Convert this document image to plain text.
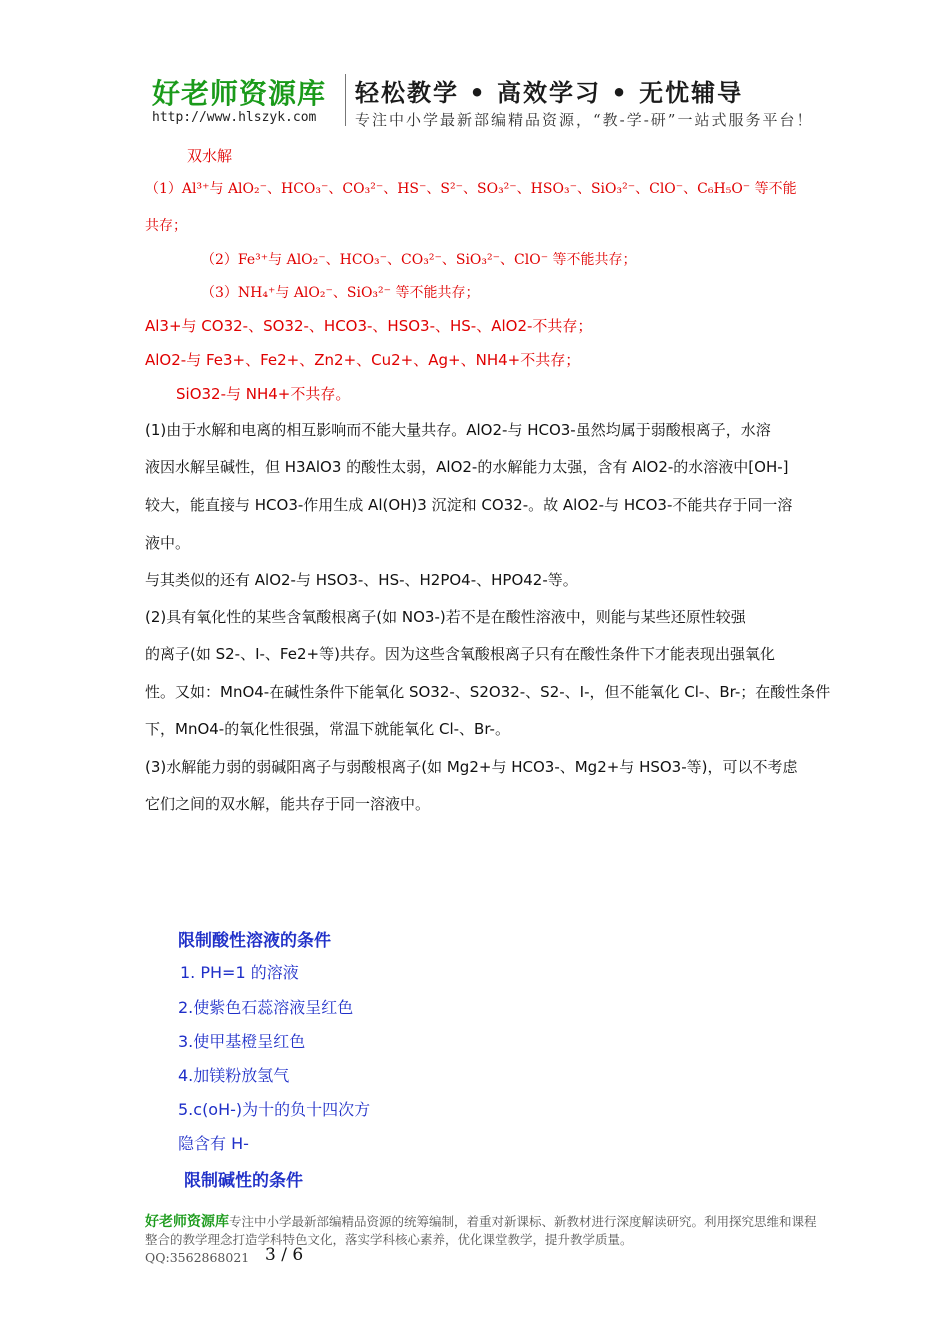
好老师资源库 轻松教学 • 高效学习 • 无忧辅导
http://www.hlszyk.com	专注中小学最新部编精品资源，“教-学-研”一站式服务平台！
双水解
（1）Al³⁺与 AlO₂⁻、HCO₃⁻、CO₃²⁻、HS⁻、S²⁻、SO₃²⁻、HSO₃⁻、SiO₃²⁻、ClO⁻、C₆H₅O⁻ 等不能
共存；
（2）Fe³⁺与 AlO₂⁻、HCO₃⁻、CO₃²⁻、SiO₃²⁻、ClO⁻ 等不能共存；
（3）NH₄⁺与 AlO₂⁻、SiO₃²⁻ 等不能共存；
Al3+与 CO32-、SO32-、HCO3-、HSO3-、HS-、AlO2-不共存；
AlO2-与 Fe3+、Fe2+、Zn2+、Cu2+、Ag+、NH4+不共存；
SiO32-与 NH4+不共存。
(1)由于水解和电离的相互影响而不能大量共存。AlO2-与 HCO3-虽然均属于弱酸根离子，水溶
液因水解呈碱性，但 H3AlO3 的酸性太弱，AlO2-的水解能力太强，含有 AlO2-的水溶液中[OH-]
较大，能直接与 HCO3-作用生成 Al(OH)3 沉淀和 CO32-。故 AlO2-与 HCO3-不能共存于同一溶
液中。
与其类似的还有 AlO2-与 HSO3-、HS-、H2PO4-、HPO42-等。
(2)具有氧化性的某些含氧酸根离子(如 NO3-)若不是在酸性溶液中，则能与某些还原性较强
的离子(如 S2-、I-、Fe2+等)共存。因为这些含氧酸根离子只有在酸性条件下才能表现出强氧化
性。又如：MnO4-在碱性条件下能氧化 SO32-、S2O32-、S2-、I-，但不能氧化 Cl-、Br-；在酸性条件
下，MnO4-的氧化性很强，常温下就能氧化 Cl-、Br-。
(3)水解能力弱的弱碱阳离子与弱酸根离子(如 Mg2+与 HCO3-、Mg2+与 HSO3-等)，可以不考虑
它们之间的双水解，能共存于同一溶液中。
限制酸性溶液的条件
1. PH=1 的溶液
2.使紫色石蕊溶液呈红色
3.使甲基橙呈红色
4.加镁粉放氢气
5.c(oH-)为十的负十四次方
隐含有 H-
限制碱性的条件
好老师资源库专注中小学最新部编精品资源的统筹编制，着重对新课标、新教材进行深度解读研究。利用探究思维和课程整合的教学理念打造学科特色文化，落实学科核心素养，优化课堂教学，提升教学质量。
QQ:3562868021 3 / 6
